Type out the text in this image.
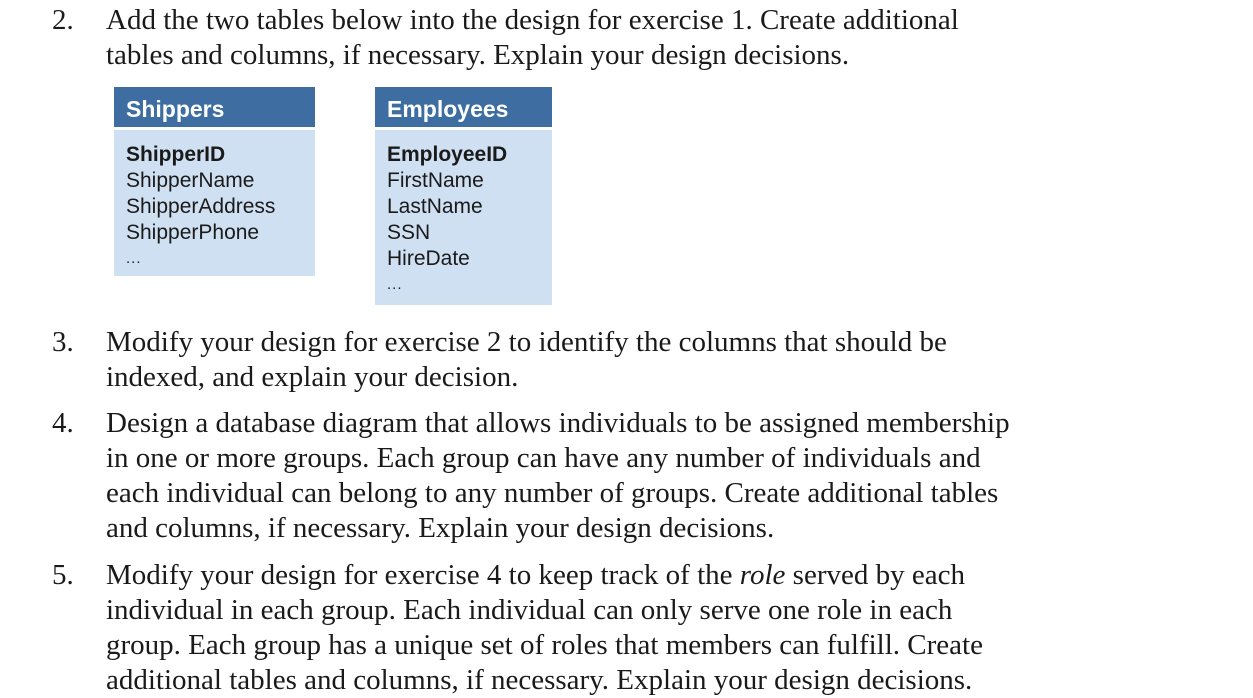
2. Add the two tables below into the design for exercise 1. Create additional

tables and columns, if necessary. Explain your design decisions.

Shippers
ShipperID
ShipperName
ShipperAddress
ShipperPhone
...
Employees
EmployeeID
FirstName
LastName
SSN
HireDate
...
3. Modify your design for exercise 2 to identify the columns that should be

indexed, and explain your decision.

4. Design a database diagram that allows individuals to be assigned membership

in one or more groups. Each group can have any number of individuals and

each individual can belong to any number of groups. Create additional tables

and columns, if necessary. Explain your design decisions.

5. Modify your design for exercise 4 to keep track of the role served by each

individual in each group. Each individual can only serve one role in each

group. Each group has a unique set of roles that members can fulfill. Create

additional tables and columns, if necessary. Explain your design decisions.
